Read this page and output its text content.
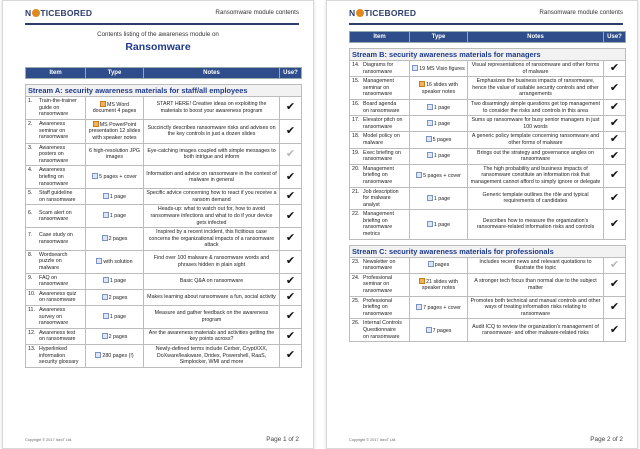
N TICEBORED	Ransomware module contents
Contents listing of the awareness module on
Ransomware
Item	Type	Notes	Use?

Stream A: security awareness materials for staff/all employees			
1. Train-the-trainer guide on ransomware	MS Word document 4 pages	START HERE! Creative ideas on exploiting the materials to boost your awareness program	✔
2. Awareness seminar on ransomware	MS PowerPoint presentation 12 slides with speaker notes	Succinctly describes ransomware risks and advises on the key controls in just a dozen slides	✔
3. Awareness posters on ransomware	6 high-resolution JPG images	Eye-catching images coupled with simple messages to both intrigue and inform	✔
4. Awareness briefing on ransomware	5 pages + cover	Information and advice on ransomware in the context of malware in general	✔
5. Staff guideline on ransomware	1 page	Specific advice concerning how to react if you receive a ransom demand	✔
6. Scam alert on ransomware	1 page	Heads-up: what to watch out for, how to avoid ransomware infections and what to do if your device gets infected	✔
7. Case study on ransomware	2 pages	Inspired by a recent incident, this fictitious case concerns the organizational impacts of a ransomware attack	✔
8. Wordsearch puzzle on malware	with solution	Find over 100 malware & ransomware words and phrases hidden in plain sight	✔
9. FAQ on ransomware	1 page	Basic Q&A on ransomware	✔
10. Awareness quiz on ransomware	2 pages	Makes learning about ransomware a fun, social activity	✔
11. Awareness survey on ransomware	1 page	Measure and gather feedback on the awareness program	✔
12. Awareness test on ransomware	2 pages	Are the awareness materials and activities getting the key points across?	✔
13. Hyperlinked information security glossary	280 pages (!)	Newly-defined terms include Cerber, CryptXXX, DoXware/leakware, Dridex, Powershell, RaaS, Simplocker, WMI and more	✔
Copyright © 2017 IsecT Ltd.	Page 1 of 2
N TICEBORED	Ransomware module contents
Item	Type	Notes	Use?

Stream B: security awareness materials for managers			
14. Diagrams for ransomware	19 MS Visio figures	Visual representations of ransomware and other forms of malware	✔
15. Management seminar on ransomware	16 slides with speaker notes	Emphasizes the business impacts of ransomware, hence the value of suitable security controls and other arrangements	✔
16. Board agenda on ransomware	1 page	Two disarmingly simple questions get top management to consider the risks and controls in this area	✔
17. Elevator pitch on ransomware	1 page	Sums up ransomware for busy senior managers in just 100 words	✔
18. Model policy on malware	5 pages	A generic policy template concerning ransomware and other forms of malware	✔
19. Exec briefing on ransomware	1 page	Brings out the strategy and governance angles on ransomware	✔
20. Management briefing on ransomware	5 pages + cover	The high probability and business impacts of ransomware constitute an information risk that management cannot afford to simply ignore or delegate	✔
21. Job description for malware analyst	1 page	Generic template outlines the rôle and typical requirements of candidates	✔
22. Management briefing on ransomware metrics	1 page	Describes how to measure the organization's ransomware-related information risks and controls	✔

Stream C: security awareness materials for professionals			
23. Newsletter on ransomware	pages	Includes recent news and relevant quotations to illustrate the topic	✔
24. Professional seminar on ransomware	21 slides with speaker notes	A stronger tech focus than normal due to the subject matter	✔
25. Professional briefing on ransomware	7 pages + cover	Promotes both technical and manual controls and other ways of treating information risks relating to ransomware	✔
26. Internal Controls Questionnaire on ransomware	7 pages	Audit ICQ to review the organization's management of ransomware- and other malware-related risks	✔
Copyright © 2017 IsecT Ltd.	Page 2 of 2
